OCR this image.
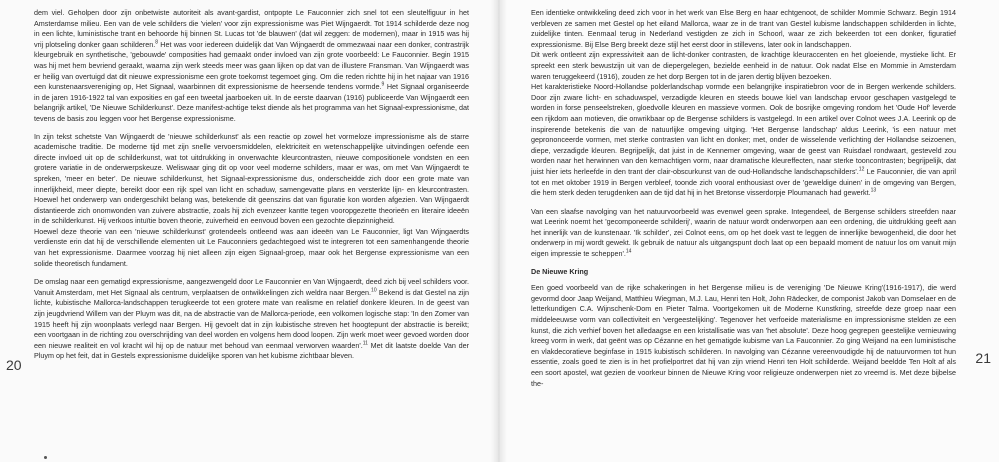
dem viel. Geholpen door zijn onbetwiste autoriteit als avant-gardist, ontpopte Le Fauconnier zich snel tot een sleutelfiguur in het Amsterdamse milieu. Een van de vele schilders die 'vielen' voor zijn expressionisme was Piet Wijngaerdt. Tot 1914 schilderde deze nog in een lichte, luministische trant en behoorde hij binnen St. Lucas tot 'de blauwen' (dat wil zeggen: de modernen), maar in 1915 was hij vrij plotseling donker gaan schilderen.$^8$ Het was voor iedereen duidelijk dat Van Wijngaerdt de ommezwaai naar een donker, contrastrijk kleurgebruik en synthetische, 'gebouwde' composities had gemaakt onder invloed van zijn grote voorbeeld: Le Fauconnier. Begin 1915 was hij met hem bevriend geraakt, waarna zijn werk steeds meer was gaan lijken op dat van de illustere Fransman. Van Wijngaerdt was er heilig van overtuigd dat dit nieuwe expressionisme een grote toekomst tegemoet ging. Om die reden richtte hij in het najaar van 1916 een kunstenaarsvereniging op, Het Signaal, waarbinnen dit expressionisme de heersende tendens vormde.$^9$ Het Signaal organiseerde in de jaren 1916-1922 tal van exposities en gaf een tweetal jaarboeken uit. In de eerste daarvan (1916) publiceerde Van Wijngaerdt een belangrijk artikel, 'De Nieuwe Schilderkunst'. Deze manifest-achtige tekst diende als het programma van het Signaal-expressionisme, dat tevens de basis zou leggen voor het Bergense expressionisme.

In zijn tekst schetste Van Wijngaerdt de 'nieuwe schilderkunst' als een reactie op zowel het vormeloze impressionisme als de starre academische traditie. De moderne tijd met zijn snelle vervoersmiddelen, elektriciteit en wetenschappelijke uitvindingen oefende een directe invloed uit op de schilderkunst, wat tot uitdrukking in onverwachte kleurcontrasten, nieuwe compositionele vondsten en een grotere variatie in de onderwerpskeuze. Weliswaar ging dit op voor veel moderne schilders, maar er was, om met Van Wijngaerdt te spreken, 'meer en beter'. De nieuwe schilderkunst, het Signaal-expressionisme dus, onderscheidde zich door een grote mate van innerlijkheid, meer diepte, bereikt door een rijk spel van licht en schaduw, samengevatte plans en versterkte lijn- en kleurcontrasten. Hoewel het onderwerp van ondergeschikt belang was, betekende dit geenszins dat van figuratie kon worden afgezien. Van Wijngaerdt distantieerde zich onomwonden van zuivere abstractie, zoals hij zich evenzeer kantte tegen vooropgezette theorieën en literaire ideeën in de schilderkunst. Hij verkoos intuïtie boven theorie, zuiverheid en eenvoud boven een gezochte diepzinnigheid.

Hoewel deze theorie van een 'nieuwe schilderkunst' grotendeels ontleend was aan ideeën van Le Fauconnier, ligt Van Wijngaerdts verdienste erin dat hij de verschillende elementen uit Le Fauconniers gedachtegoed wist te integreren tot een samenhangende theorie van het expressionisme. Daarmee voorzag hij niet alleen zijn eigen Signaal-groep, maar ook het Bergense expressionisme van een solide theoretisch fundament.

De omslag naar een gematigd expressionisme, aangezwengeld door Le Fauconnier en Van Wijngaerdt, deed zich bij veel schilders voor. Vanuit Amsterdam, met Het Signaal als centrum, verplaatsen de ontwikkelingen zich weldra naar Bergen.$^{10}$ Bekend is dat Gestel na zijn lichte, kubistische Mallorca-landschappen terugkeerde tot een grotere mate van realisme en relatief donkere kleuren. In de geest van zijn jeugdvriend Willem van der Pluym was dit, na de abstractie van de Mallorca-periode, een volkomen logische stap: 'In den Zomer van 1915 heeft hij zijn woonplaats verlegd naar Bergen. Hij gevoelt dat in zijn kubistische streven het hoogtepunt der abstractie is bereikt; een voortgaan in de richting zou overschrijding van deel worden en volgens hem dood loopen. Zijn werk moet weer gevoed worden door een nieuwe realiteit en vol kracht wil hij op de natuur met behoud van eenmaal verworven waarden'.$^{11}$ Met dit laatste doelde Van der Pluym op het feit, dat in Gestels expressionisme duidelijke sporen van het kubisme zichtbaar bleven.

20

Een identieke ontwikkeling deed zich voor in het werk van Else Berg en haar echtgenoot, de schilder Mommie Schwarz. Begin 1914 verbleven ze samen met Gestel op het eiland Mallorca, waar ze in de trant van Gestel kubisme landschappen schilderden in lichte, zuidelijke tinten. Eenmaal terug in Nederland vestigden ze zich in Schoorl, waar ze zich bekeerden tot een donker, figuratief expressionisme. Bij Else Berg breekt deze stijl het eerst door in stillevens, later ook in landschappen.

Dit werk ontleent zijn expressiviteit aan de licht-donker contrasten, de krachtige kleuraccenten en het gloeiende, mystieke licht. Er spreekt een sterk bewustzijn uit van de diepergelegen, bezielde eenheid in de natuur. Ook nadat Else en Mommie in Amsterdam waren teruggekeerd (1916), zouden ze het dorp Bergen tot in de jaren dertig blijven bezoeken.

Het karakteristieke Noord-Hollandse polderlandschap vormde een belangrijke inspiratiebron voor de in Bergen werkende schilders. Door zijn zware licht- en schaduwspel, verzadigde kleuren en steeds bouwe kiel van landschap ervoor geschapen vastgelegd te worden in forse penseelstreken, gloedvolle kleuren en massieve vormen. Ook de bosrijke omgeving rondom het 'Oude Hof' leverde een rijkdom aan motieven, die onwrikbaar op de Bergense schilders is vastgelegd. In een artikel over Colnot wees J.A. Leerink op de inspirerende betekenis die van de natuurlijke omgeving uitging. 'Het Bergense landschap' aldus Leerink, 'is een natuur met geprononceerde vormen, met sterke contrasten van licht en donker; met, onder de wisselende verlichting der Hollandse seizoenen, diepe, verzadigde kleuren. Begrijpelijk, dat juist in de Kennemer omgeving, waar de geest van Ruisdael rondwaart, gesteveld zou worden naar het herwinnen van den kernachtigen vorm, naar dramatische kleureffecten, naar sterke tooncontrasten; begrijpelijk, dat juist hier iets herleefde in den trant der clair-obscurkunst van de oud-Hollandsche landschapschilders'.$^{12}$ Le Fauconnier, die van april tot en met oktober 1919 in Bergen verbleef, toonde zich vooral enthousiast over de 'geweldige duinen' in de omgeving van Bergen, die hem sterk deden terugdenken aan de tijd dat hij in het Bretonse visserdorpje Ploumanach had gewerkt.$^{13}$

Van een slaafse navolging van het natuurvoorbeeld was evenwel geen sprake. Integendeel, de Bergense schilders streefden naar wat Leerink noemt het 'gecomponeerde schilderij', waarin de natuur wordt onderworpen aan een ordening, die uitdrukking geeft aan het innerlijk van de kunstenaar. 'Ik schilder', zei Colnot eens, om op het doek vast te leggen de innerlijke bewogenheid, die door het onderwerp in mij wordt gewekt. Ik gebruik de natuur als uitgangspunt doch laat op een bepaald moment de natuur los om vanuit mijn eigen impressie te scheppen'.$^{14}$

De Nieuwe Kring

Een goed voorbeeld van de rijke schakeringen in het Bergense milieu is de vereniging 'De Nieuwe Kring'(1916-1917), die werd gevormd door Jaap Weijand, Matthieu Wiegman, M.J. Lau, Henri ten Holt, John Rädecker, de componist Jakob van Domselaer en de letterkundigen C.A. Wijnschenk-Dom en Pieter Talma. Voortgekomen uit de Moderne Kunstkring, streefde deze groep naar een middeleeuwse vorm van collectiviteit en 'vergeestelijking'. Tegenover het verfoeide materialisme en impressionisme stelden ze een kunst, die zich verhief boven het alledaagse en een kristallisatie was van 'het absolute'. Deze hoog gegrepen geestelijke vernieuwing kreeg vorm in werk, dat geënt was op Cézanne en het gematigde kubisme van La Fauconnier. Zo ging Weijand na een luministische en vlakdecoratieve beginfase in 1915 kubistisch schilderen. In navolging van Cézanne vereenvoudigde hij de natuurvormen tot hun essentie, zoals goed te zien is in het profielportret dat hij van zijn vriend Henri ten Holt schilderde. Weijand beeldde Ten Holt af als een soort apostel, wat gezien de voorkeur binnen de Nieuwe Kring voor religieuze onderwerpen niet zo vreemd is. Met deze bijbelse the-

21
